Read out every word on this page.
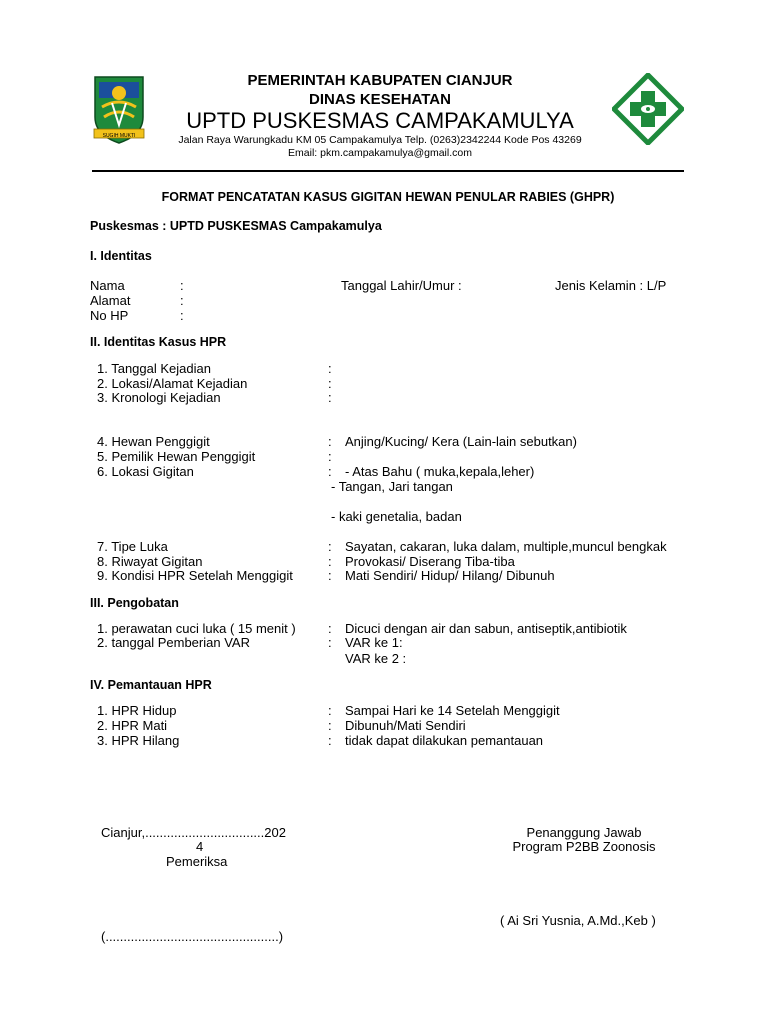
SUGIH MUKTI
PEMERINTAH KABUPATEN CIANJUR
DINAS KESEHATAN
UPTD PUSKESMAS CAMPAKAMULYA
Jalan Raya Warungkadu KM 05 Campakamulya Telp. (0263)2342244 Kode Pos 43269
Email: pkm.campakamulya@gmail.com
FORMAT PENCATATAN KASUS GIGITAN HEWAN PENULAR RABIES (GHPR)
Puskesmas : UPTD PUSKESMAS Campakamulya
I. Identitas
Nama	:	Tanggal Lahir/Umur :	Jenis Kelamin : L/P
Alamat	:
No HP	:
II. Identitas Kasus HPR
1. Tanggal Kejadian	:
2. Lokasi/Alamat Kejadian	:
3. Kronologi Kejadian	:
4. Hewan Penggigit	: Anjing/Kucing/ Kera (Lain-lain sebutkan)
5. Pemilik Hewan Penggigit	:
6. Lokasi Gigitan	: - Atas Bahu ( muka,kepala,leher)
- Tangan, Jari tangan
- kaki genetalia, badan
7. Tipe Luka	: Sayatan, cakaran, luka dalam, multiple,muncul bengkak
8. Riwayat Gigitan	: Provokasi/ Diserang Tiba-tiba
9. Kondisi HPR Setelah Menggigit	: Mati Sendiri/ Hidup/ Hilang/ Dibunuh
III. Pengobatan
1. perawatan cuci luka ( 15 menit ) : Dicuci dengan air dan sabun, antiseptik,antibiotik
2. tanggal Pemberian VAR	: VAR ke 1:
VAR ke 2 :
IV. Pemantauan HPR
1. HPR Hidup	: Sampai Hari ke 14 Setelah Menggigit
2. HPR Mati	: Dibunuh/Mati Sendiri
3. HPR Hilang	: tidak dapat dilakukan pemantauan
Cianjur,.................................202
4
Pemeriksa
(................................................)
Penanggung Jawab
Program P2BB Zoonosis
( Ai Sri Yusnia, A.Md.,Keb )
